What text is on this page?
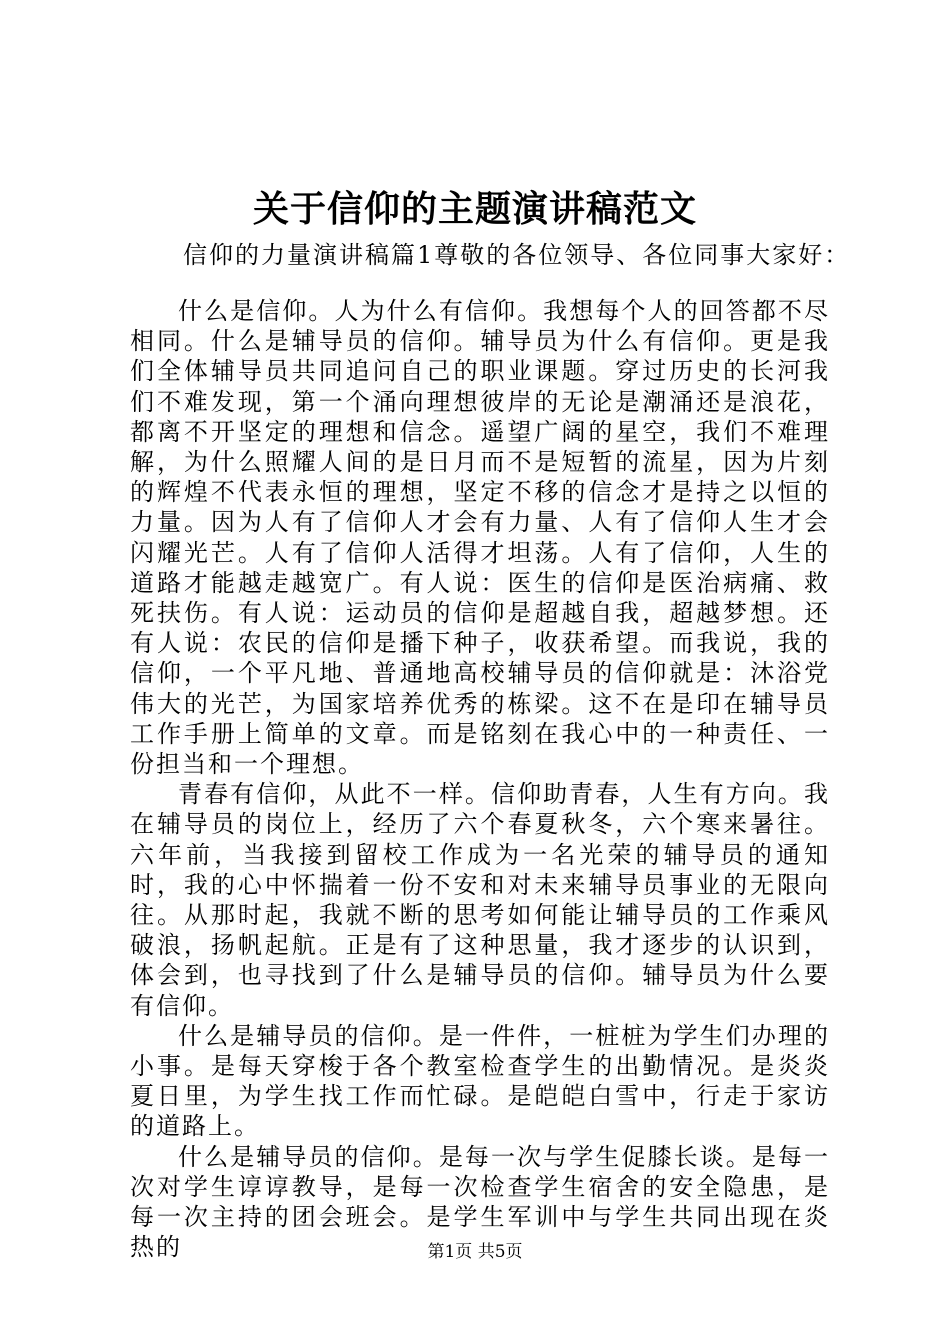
关于信仰的主题演讲稿范文
信仰的力量演讲稿篇1尊敬的各位领导、各位同事大家好：

什么是信仰。人为什么有信仰。我想每个人的回答都不尽相同。什么是辅导员的信仰。辅导员为什么有信仰。更是我们全体辅导员共同追问自己的职业课题。穿过历史的长河我们不难发现，第一个涌向理想彼岸的无论是潮涌还是浪花，都离不开坚定的理想和信念。遥望广阔的星空，我们不难理解，为什么照耀人间的是日月而不是短暂的流星，因为片刻的辉煌不代表永恒的理想，坚定不移的信念才是持之以恒的力量。因为人有了信仰人才会有力量、人有了信仰人生才会闪耀光芒。人有了信仰人活得才坦荡。人有了信仰，人生的道路才能越走越宽广。有人说：医生的信仰是医治病痛、救死扶伤。有人说：运动员的信仰是超越自我，超越梦想。还有人说：农民的信仰是播下种子，收获希望。而我说，我的信仰，一个平凡地、普通地高校辅导员的信仰就是：沐浴党伟大的光芒，为国家培养优秀的栋梁。这不在是印在辅导员工作手册上简单的文章。而是铭刻在我心中的一种责任、一份担当和一个理想。

青春有信仰，从此不一样。信仰助青春，人生有方向。我在辅导员的岗位上，经历了六个春夏秋冬，六个寒来暑往。六年前，当我接到留校工作成为一名光荣的辅导员的通知时，我的心中怀揣着一份不安和对未来辅导员事业的无限向往。从那时起，我就不断的思考如何能让辅导员的工作乘风破浪，扬帆起航。正是有了这种思量，我才逐步的认识到，体会到，也寻找到了什么是辅导员的信仰。辅导员为什么要有信仰。

什么是辅导员的信仰。是一件件，一桩桩为学生们办理的小事。是每天穿梭于各个教室检查学生的出勤情况。是炎炎夏日里，为学生找工作而忙碌。是皑皑白雪中，行走于家访的道路上。

什么是辅导员的信仰。是每一次与学生促膝长谈。是每一次对学生谆谆教导，是每一次检查学生宿舍的安全隐患，是每一次主持的团会班会。是学生军训中与学生共同出现在炎热的	第1页 共5页
